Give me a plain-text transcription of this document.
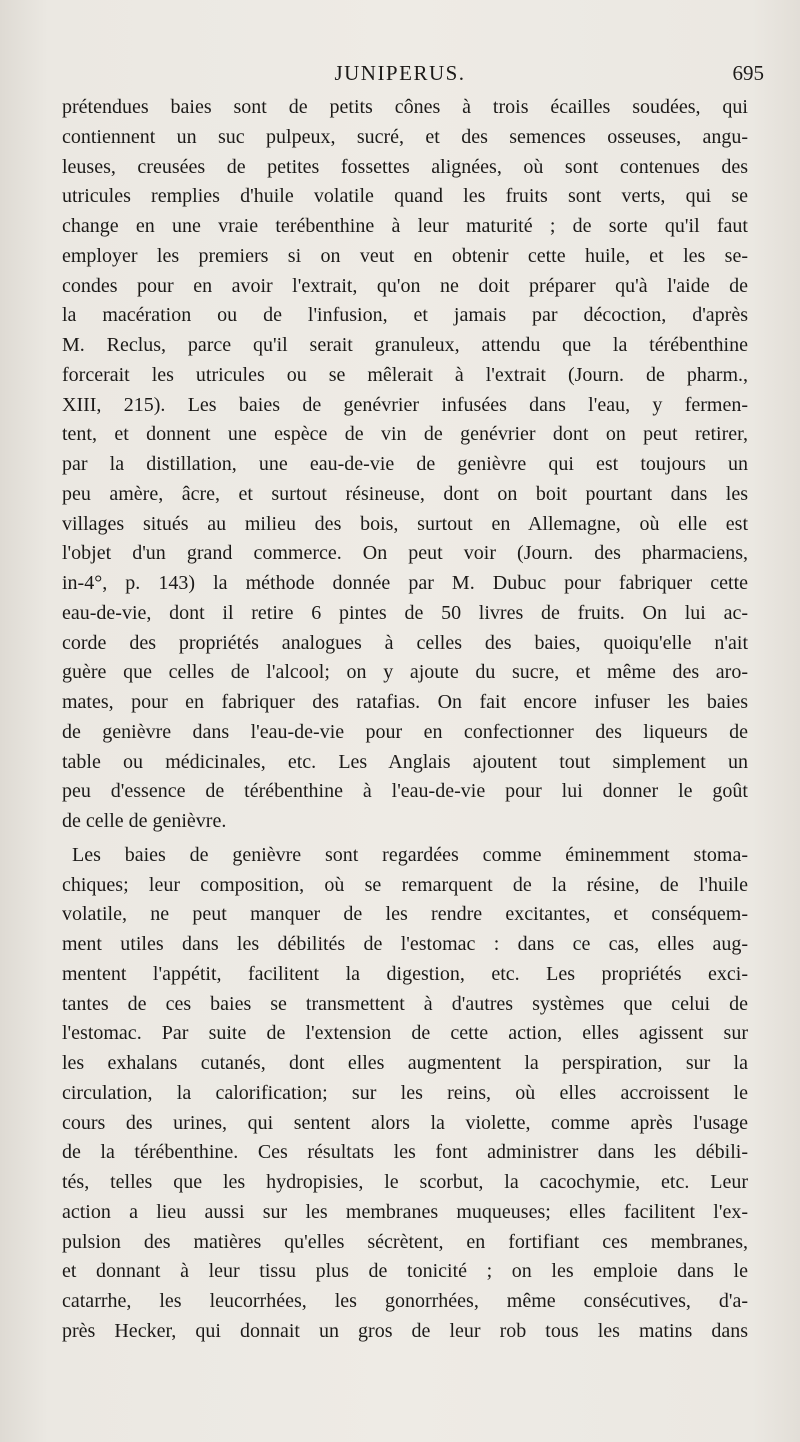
JUNIPERUS.	695
prétendues baies sont de petits cônes à trois écailles soudées, qui
contiennent un suc pulpeux, sucré, et des semences osseuses, angu-
leuses, creusées de petites fossettes alignées, où sont contenues des
utricules remplies d'huile volatile quand les fruits sont verts, qui se
change en une vraie terébenthine à leur maturité ; de sorte qu'il faut
employer les premiers si on veut en obtenir cette huile, et les se-
condes pour en avoir l'extrait, qu'on ne doit préparer qu'à l'aide de
la macération ou de l'infusion, et jamais par décoction, d'après
M. Reclus, parce qu'il serait granuleux, attendu que la térébenthine
forcerait les utricules ou se mêlerait à l'extrait (Journ. de pharm.,
XIII, 215). Les baies de genévrier infusées dans l'eau, y fermen-
tent, et donnent une espèce de vin de genévrier dont on peut retirer,
par la distillation, une eau-de-vie de genièvre qui est toujours un
peu amère, âcre, et surtout résineuse, dont on boit pourtant dans les
villages situés au milieu des bois, surtout en Allemagne, où elle est
l'objet d'un grand commerce. On peut voir (Journ. des pharmaciens,
in-4°, p. 143) la méthode donnée par M. Dubuc pour fabriquer cette
eau-de-vie, dont il retire 6 pintes de 50 livres de fruits. On lui ac-
corde des propriétés analogues à celles des baies, quoiqu'elle n'ait
guère que celles de l'alcool; on y ajoute du sucre, et même des aro-
mates, pour en fabriquer des ratafias. On fait encore infuser les baies
de genièvre dans l'eau-de-vie pour en confectionner des liqueurs de
table ou médicinales, etc. Les Anglais ajoutent tout simplement un
peu d'essence de térébenthine à l'eau-de-vie pour lui donner le goût
de celle de genièvre.
Les baies de genièvre sont regardées comme éminemment stoma-
chiques; leur composition, où se remarquent de la résine, de l'huile
volatile, ne peut manquer de les rendre excitantes, et conséquem-
ment utiles dans les débilités de l'estomac : dans ce cas, elles aug-
mentent l'appétit, facilitent la digestion, etc. Les propriétés exci-
tantes de ces baies se transmettent à d'autres systèmes que celui de
l'estomac. Par suite de l'extension de cette action, elles agissent sur
les exhalans cutanés, dont elles augmentent la perspiration, sur la
circulation, la calorification; sur les reins, où elles accroissent le
cours des urines, qui sentent alors la violette, comme après l'usage
de la térébenthine. Ces résultats les font administrer dans les débili-
tés, telles que les hydropisies, le scorbut, la cacochymie, etc. Leur
action a lieu aussi sur les membranes muqueuses; elles facilitent l'ex-
pulsion des matières qu'elles sécrètent, en fortifiant ces membranes,
et donnant à leur tissu plus de tonicité ; on les emploie dans le
catarrhe, les leucorrhées, les gonorrhées, même consécutives, d'a-
près Hecker, qui donnait un gros de leur rob tous les matins dans
